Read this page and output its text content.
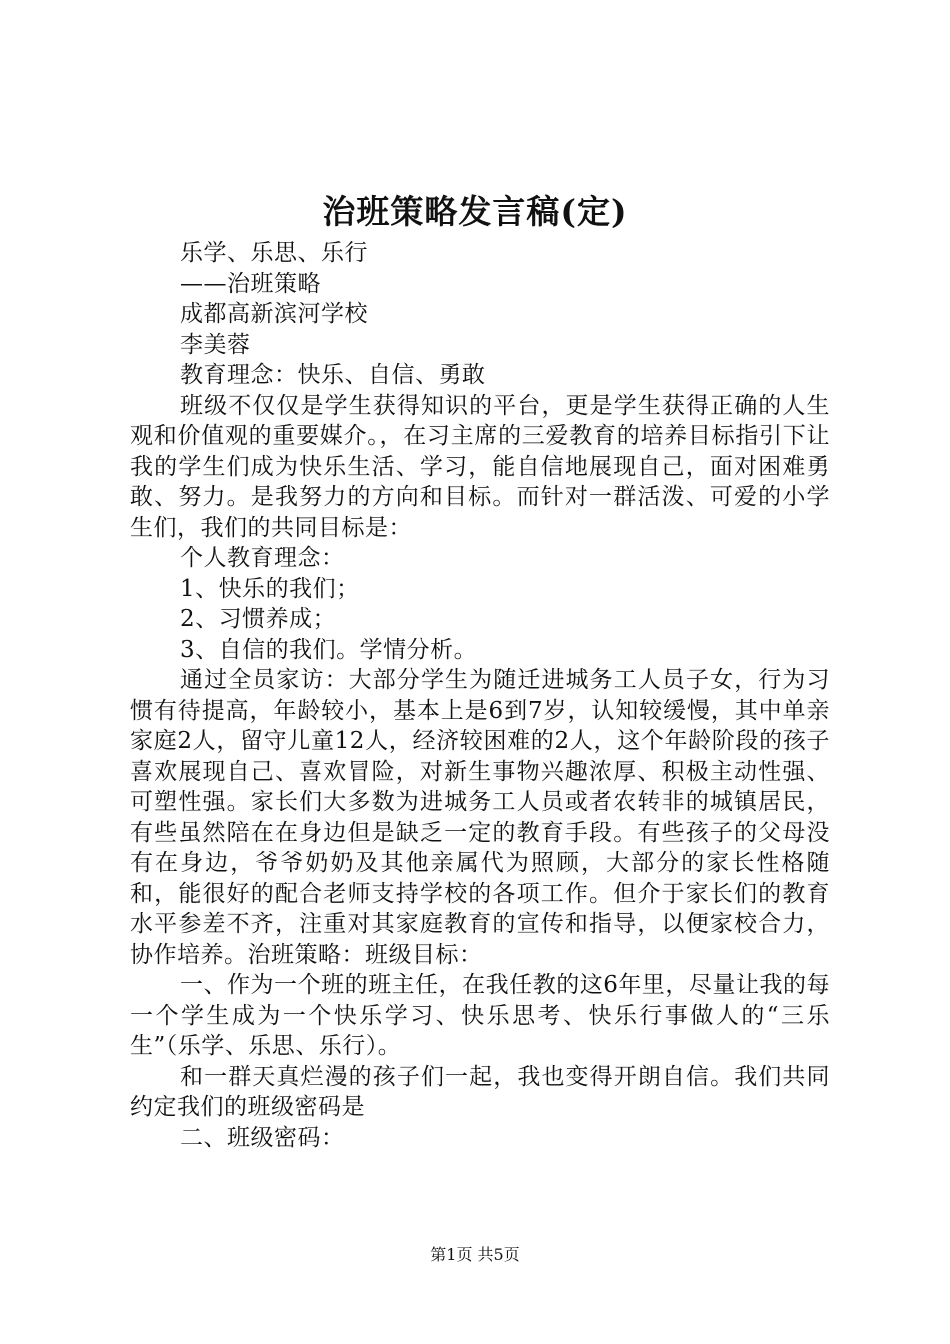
治班策略发言稿(定)

乐学、乐思、乐行

——治班策略

成都高新滨河学校

李美蓉

教育理念：快乐、自信、勇敢

班级不仅仅是学生获得知识的平台，更是学生获得正确的人生观和价值观的重要媒介。，在习主席的三爱教育的培养目标指引下让我的学生们成为快乐生活、学习，能自信地展现自己，面对困难勇敢、努力。是我努力的方向和目标。而针对一群活泼、可爱的小学生们，我们的共同目标是：

个人教育理念：

1、快乐的我们；

2、习惯养成；

3、自信的我们。学情分析。

通过全员家访：大部分学生为随迁进城务工人员子女，行为习惯有待提高，年龄较小，基本上是6到7岁，认知较缓慢，其中单亲家庭2人，留守儿童12人，经济较困难的2人，这个年龄阶段的孩子喜欢展现自己、喜欢冒险，对新生事物兴趣浓厚、积极主动性强、可塑性强。家长们大多数为进城务工人员或者农转非的城镇居民，有些虽然陪在在身边但是缺乏一定的教育手段。有些孩子的父母没有在身边，爷爷奶奶及其他亲属代为照顾，大部分的家长性格随和，能很好的配合老师支持学校的各项工作。但介于家长们的教育水平参差不齐，注重对其家庭教育的宣传和指导，以便家校合力，协作培养。治班策略：班级目标：

一、作为一个班的班主任，在我任教的这6年里，尽量让我的每一个学生成为一个快乐学习、快乐思考、快乐行事做人的“三乐生”（乐学、乐思、乐行）。

和一群天真烂漫的孩子们一起，我也变得开朗自信。我们共同约定我们的班级密码是

二、班级密码：

第1页 共5页
